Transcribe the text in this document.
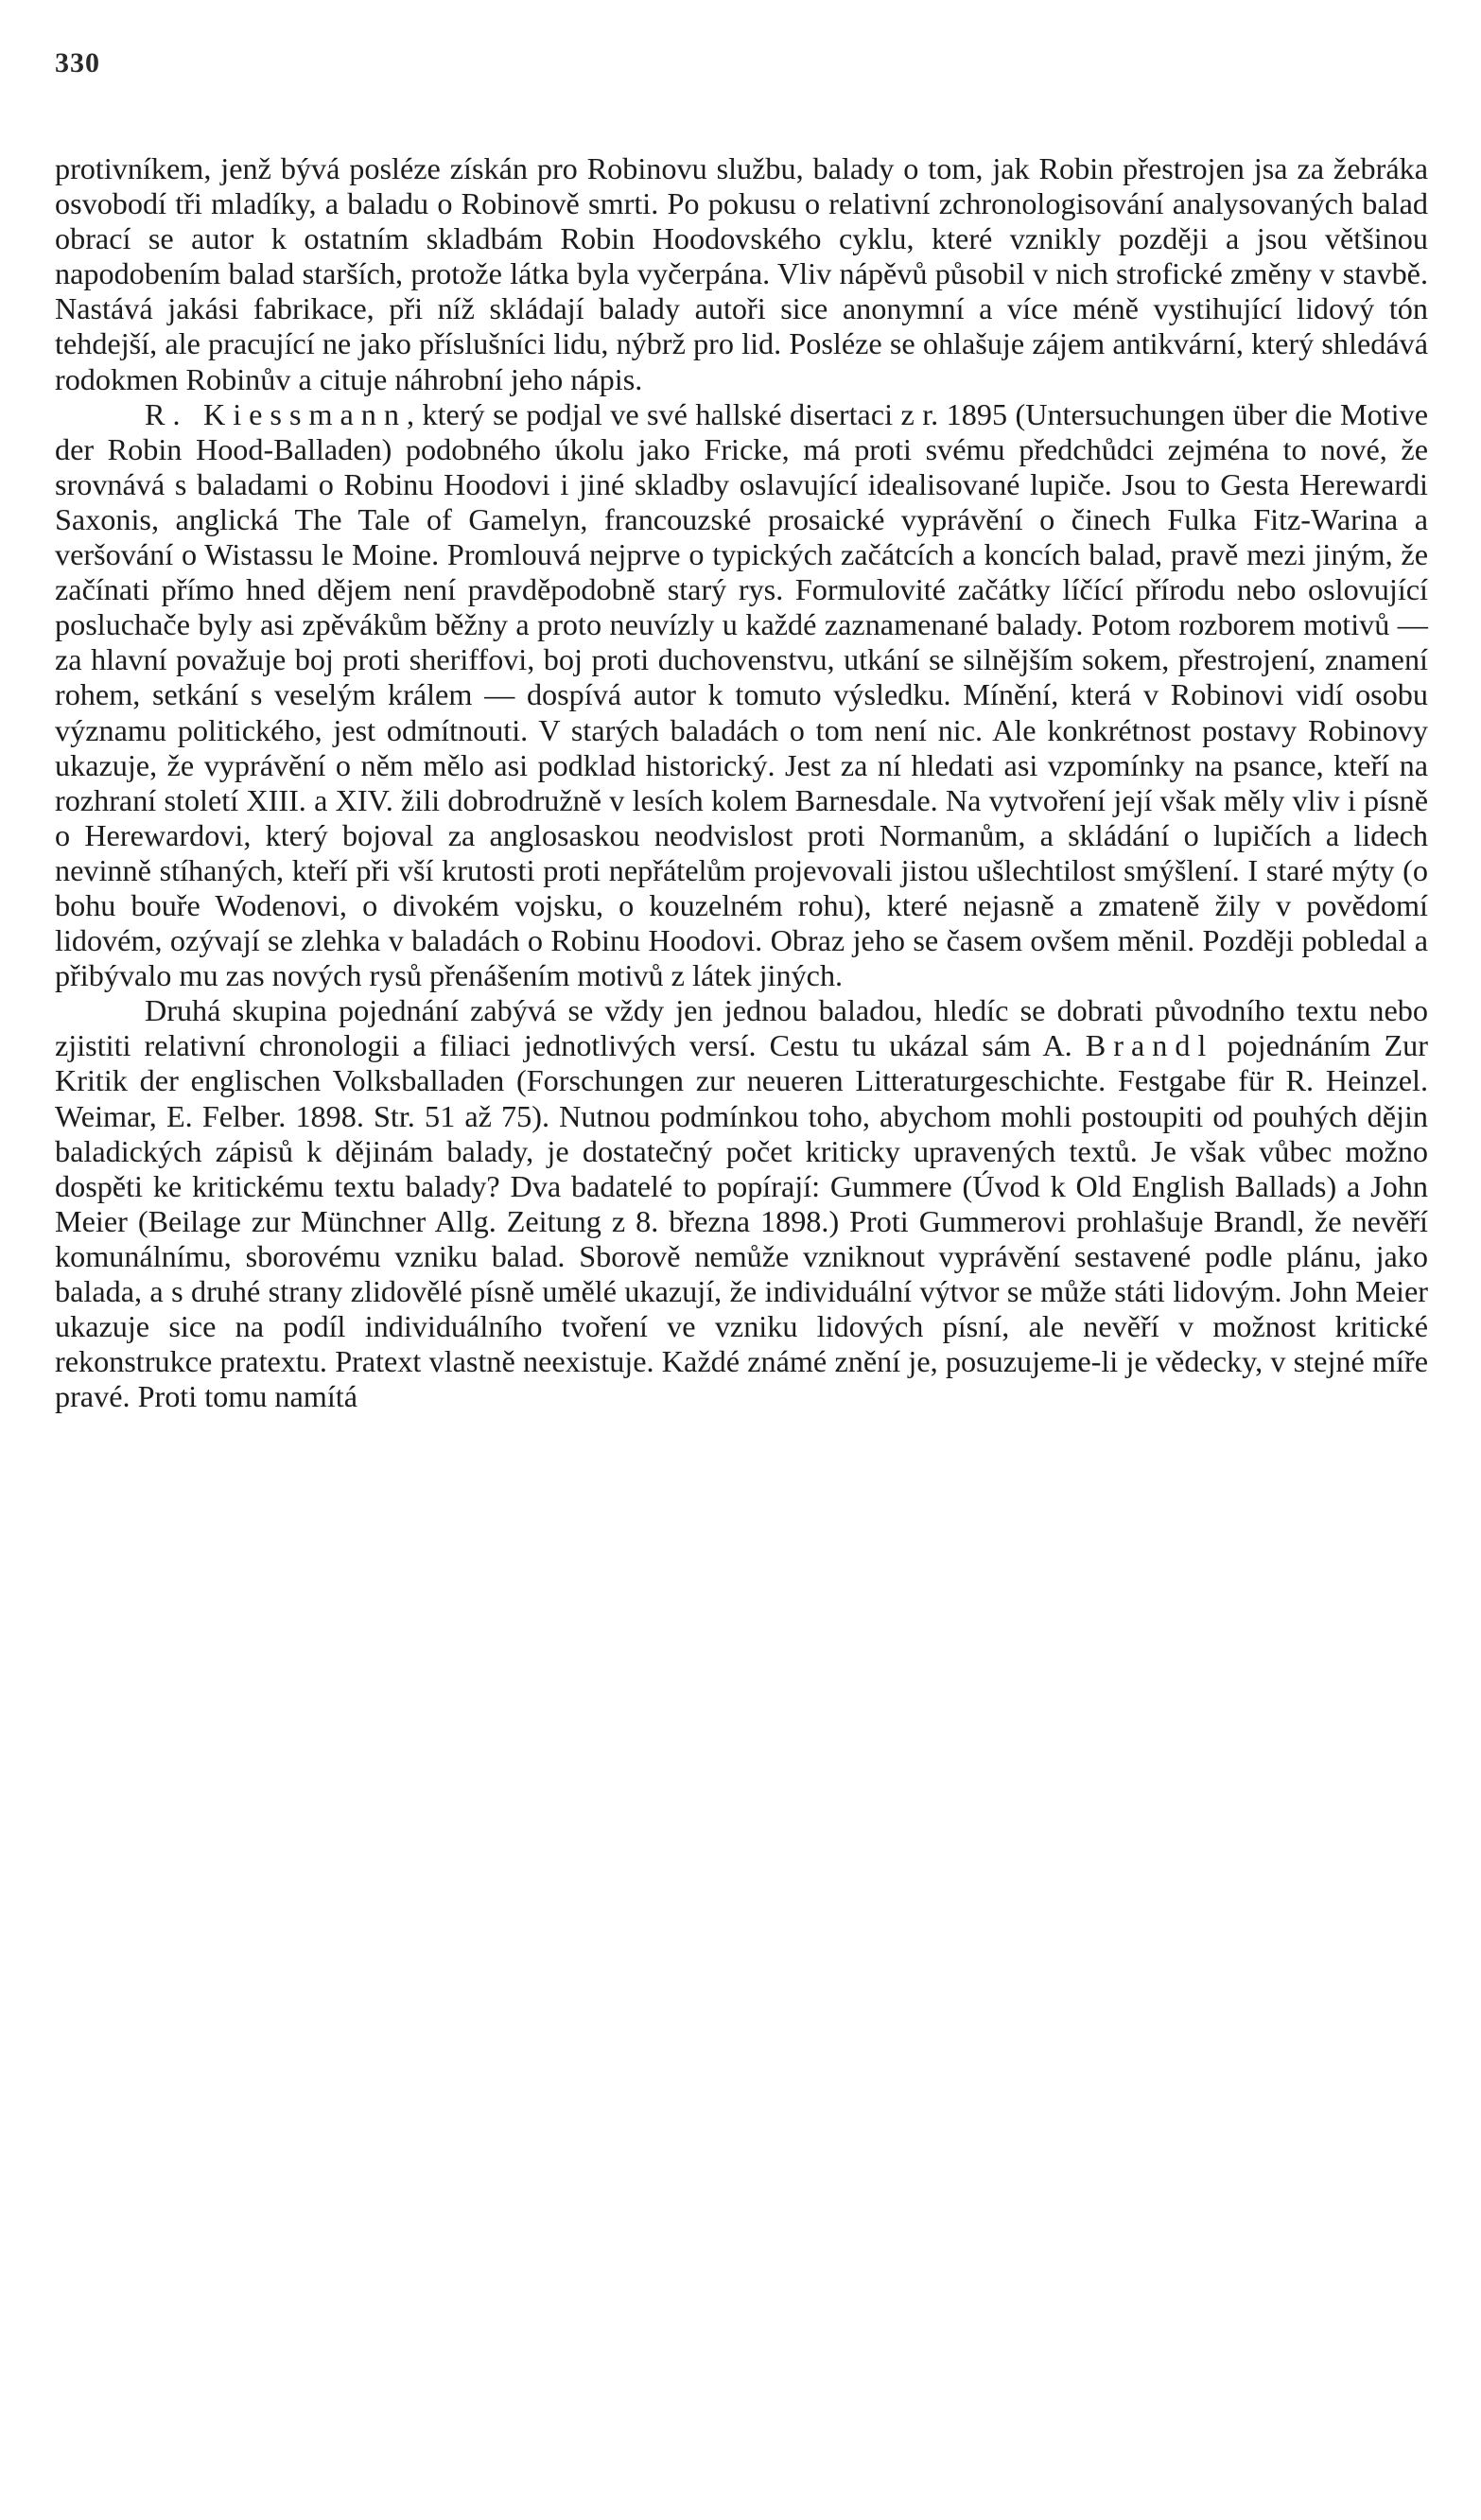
330

protivníkem, jenž bývá posléze získán pro Robinovu službu, balady o tom, jak Robin přestrojen jsa za žebráka osvobodí tři mladíky, a baladu o Robinově smrti. Po pokusu o relativní zchronologisování analysovaných balad obrací se autor k ostatním skladbám Robin Hoodovského cyklu, které vznikly později a jsou většinou napodobením balad starších, protože látka byla vyčerpána. Vliv nápěvů působil v nich strofické změny v stavbě. Nastává jakási fabrikace, při níž skládají balady autoři sice anonymní a více méně vystihující lidový tón tehdejší, ale pracující ne jako příslušníci lidu, nýbrž pro lid. Posléze se ohlašuje zájem antikvární, který shledává rodokmen Robinův a cituje náhrobní jeho nápis.

R. Kiessmann, který se podjal ve své hallské disertaci z r. 1895 (Untersuchungen über die Motive der Robin Hood-Balladen) podobného úkolu jako Fricke, má proti svému předchůdci zejména to nové, že srovnává s baladami o Robinu Hoodovi i jiné skladby oslavující idealisované lupiče. Jsou to Gesta Herewardi Saxonis, anglická The Tale of Gamelyn, francouzské prosaické vyprávění o činech Fulka Fitz-Warina a veršování o Wistassu le Moine. Promlouvá nejprve o typických začátcích a koncích balad, pravě mezi jiným, že začínati přímo hned dějem není pravděpodobně starý rys. Formulovité začátky líčící přírodu nebo oslovující posluchače byly asi zpěvákům běžny a proto neuvízly u každé zaznamenané balady. Potom rozborem motivů — za hlavní považuje boj proti sheriffovi, boj proti duchovenstvu, utkání se silnějším sokem, přestrojení, znamení rohem, setkání s veselým králem — dospívá autor k tomuto výsledku. Mínění, která v Robinovi vidí osobu významu politického, jest odmítnouti. V starých baladách o tom není nic. Ale konkrétnost postavy Robinovy ukazuje, že vyprávění o něm mělo asi podklad historický. Jest za ní hledati asi vzpomínky na psance, kteří na rozhraní století XIII. a XIV. žili dobrodružně v lesích kolem Barnesdale. Na vytvoření její však měly vliv i písně o Herewardovi, který bojoval za anglosaskou neodvislost proti Normanům, a skládání o lupičích a lidech nevinně stíhaných, kteří při vší krutosti proti nepřátelům projevovali jistou ušlechtilost smýšlení. I staré mýty (o bohu bouře Wodenovi, o divokém vojsku, o kouzelném rohu), které nejasně a zmateně žily v povědomí lidovém, ozývají se zlehka v baladách o Robinu Hoodovi. Obraz jeho se časem ovšem měnil. Později pobledal a přibývalo mu zas nových rysů přenášením motivů z látek jiných.

Druhá skupina pojednání zabývá se vždy jen jednou baladou, hledíc se dobrati původního textu nebo zjistiti relativní chronologii a filiaci jednotlivých versí. Cestu tu ukázal sám A. Brandl pojednáním Zur Kritik der englischen Volksballaden (Forschungen zur neueren Litteraturgeschichte. Festgabe für R. Heinzel. Weimar, E. Felber. 1898. Str. 51 až 75). Nutnou podmínkou toho, abychom mohli postoupiti od pouhých dějin baladických zápisů k dějinám balady, je dostatečný počet kriticky upravených textů. Je však vůbec možno dospěti ke kritickému textu balady? Dva badatelé to popírají: Gummere (Úvod k Old English Ballads) a John Meier (Beilage zur Münchner Allg. Zeitung z 8. března 1898.) Proti Gummerovi prohlašuje Brandl, že nevěří komunálnímu, sborovému vzniku balad. Sborově nemůže vzniknout vyprávění sestavené podle plánu, jako balada, a s druhé strany zlidovělé písně umělé ukazují, že individuální výtvor se může státi lidovým. John Meier ukazuje sice na podíl individuálního tvoření ve vzniku lidových písní, ale nevěří v možnost kritické rekonstrukce pratextu. Pratext vlastně neexistuje. Každé známé znění je, posuzujeme-li je vědecky, v stejné míře pravé. Proti tomu namítá
